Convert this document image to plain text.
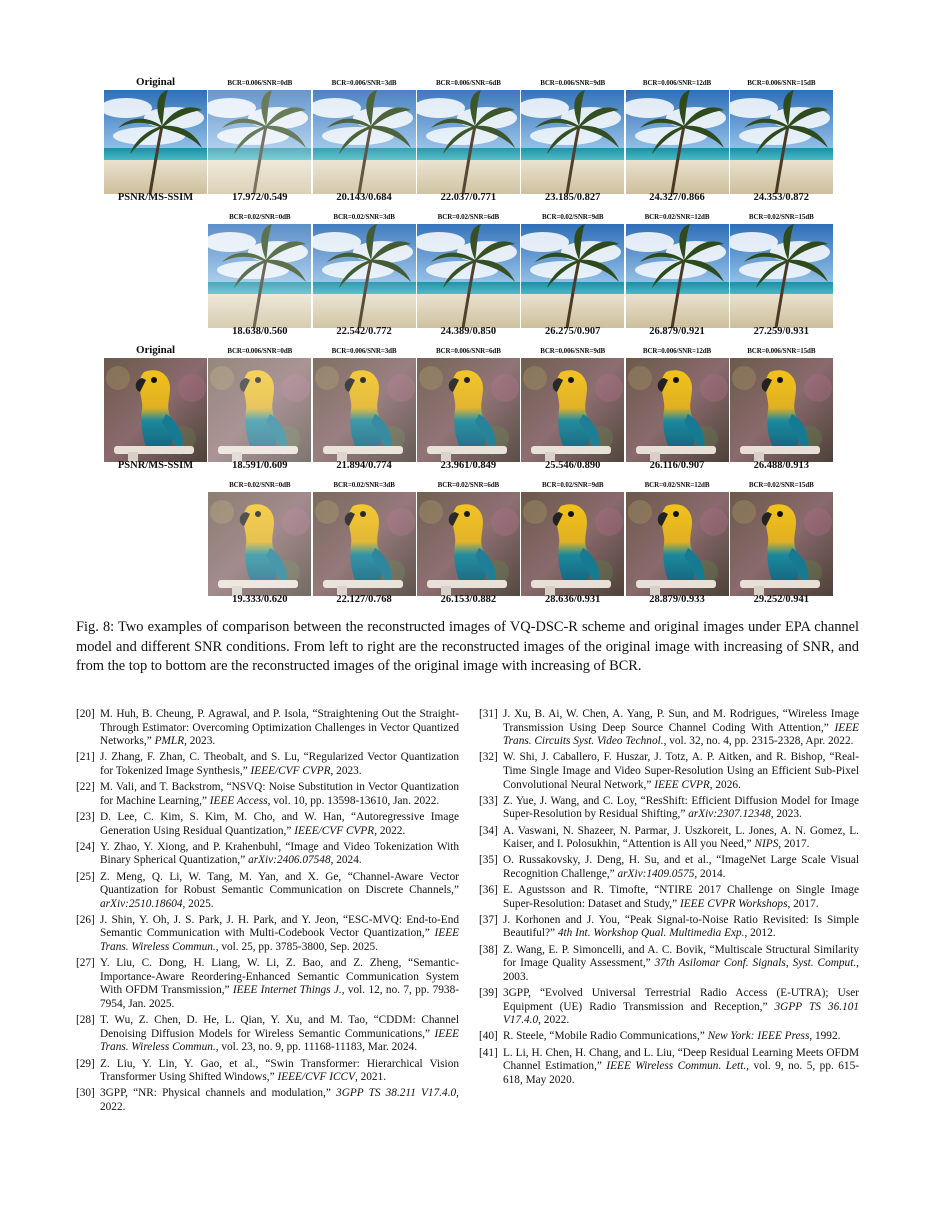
Original
PSNR/MS-SSIM
BCR=0.006/SNR=0dB
17.972/0.549
BCR=0.006/SNR=3dB
20.143/0.684
BCR=0.006/SNR=6dB
22.037/0.771
BCR=0.006/SNR=9dB
23.185/0.827
BCR=0.006/SNR=12dB
24.327/0.866
BCR=0.006/SNR=15dB
24.353/0.872
BCR=0.02/SNR=0dB
18.638/0.560
BCR=0.02/SNR=3dB
22.542/0.772
BCR=0.02/SNR=6dB
24.389/0.850
BCR=0.02/SNR=9dB
26.275/0.907
BCR=0.02/SNR=12dB
26.879/0.921
BCR=0.02/SNR=15dB
27.259/0.931
Original
PSNR/MS-SSIM
BCR=0.006/SNR=0dB
18.591/0.609
BCR=0.006/SNR=3dB
21.894/0.774
BCR=0.006/SNR=6dB
23.961/0.849
BCR=0.006/SNR=9dB
25.546/0.890
BCR=0.006/SNR=12dB
26.116/0.907
BCR=0.006/SNR=15dB
26.488/0.913
BCR=0.02/SNR=0dB
19.333/0.620
BCR=0.02/SNR=3dB
22.127/0.768
BCR=0.02/SNR=6dB
26.153/0.882
BCR=0.02/SNR=9dB
28.636/0.931
BCR=0.02/SNR=12dB
28.879/0.933
BCR=0.02/SNR=15dB
29.252/0.941
Fig. 8: Two examples of comparison between the reconstructed images of VQ-DSC-R scheme and original images under EPA channel model and different SNR conditions. From left to right are the reconstructed images of the original image with increasing of SNR, and from the top to bottom are the reconstructed images of the original image with increasing of BCR.
[20] M. Huh, B. Cheung, P. Agrawal, and P. Isola, “Straightening Out the Straight-Through Estimator: Overcoming Optimization Challenges in Vector Quantized Networks,” PMLR, 2023.
[21] J. Zhang, F. Zhan, C. Theobalt, and S. Lu, “Regularized Vector Quantization for Tokenized Image Synthesis,” IEEE/CVF CVPR, 2023.
[22] M. Vali, and T. Backstrom, “NSVQ: Noise Substitution in Vector Quantization for Machine Learning,” IEEE Access, vol. 10, pp. 13598-13610, Jan. 2022.
[23] D. Lee, C. Kim, S. Kim, M. Cho, and W. Han, “Autoregressive Image Generation Using Residual Quantization,” IEEE/CVF CVPR, 2022.
[24] Y. Zhao, Y. Xiong, and P. Krahenbuhl, “Image and Video Tokenization With Binary Spherical Quantization,” arXiv:2406.07548, 2024.
[25] Z. Meng, Q. Li, W. Tang, M. Yan, and X. Ge, “Channel-Aware Vector Quantization for Robust Semantic Communication on Discrete Channels,” arXiv:2510.18604, 2025.
[26] J. Shin, Y. Oh, J. S. Park, J. H. Park, and Y. Jeon, “ESC-MVQ: End-to-End Semantic Communication with Multi-Codebook Vector Quantization,” IEEE Trans. Wireless Commun., vol. 25, pp. 3785-3800, Sep. 2025.
[27] Y. Liu, C. Dong, H. Liang, W. Li, Z. Bao, and Z. Zheng, “Semantic-Importance-Aware Reordering-Enhanced Semantic Communication System With OFDM Transmission,” IEEE Internet Things J., vol. 12, no. 7, pp. 7938-7954, Jan. 2025.
[28] T. Wu, Z. Chen, D. He, L. Qian, Y. Xu, and M. Tao, “CDDM: Channel Denoising Diffusion Models for Wireless Semantic Communications,” IEEE Trans. Wireless Commun., vol. 23, no. 9, pp. 11168-11183, Mar. 2024.
[29] Z. Liu, Y. Lin, Y. Gao, et al., “Swin Transformer: Hierarchical Vision Transformer Using Shifted Windows,” IEEE/CVF ICCV, 2021.
[30] 3GPP, “NR: Physical channels and modulation,” 3GPP TS 38.211 V17.4.0, 2022.
[31] J. Xu, B. Ai, W. Chen, A. Yang, P. Sun, and M. Rodrigues, “Wireless Image Transmission Using Deep Source Channel Coding With Attention,” IEEE Trans. Circuits Syst. Video Technol., vol. 32, no. 4, pp. 2315-2328, Apr. 2022.
[32] W. Shi, J. Caballero, F. Huszar, J. Totz, A. P. Aitken, and R. Bishop, “Real-Time Single Image and Video Super-Resolution Using an Efficient Sub-Pixel Convolutional Neural Network,” IEEE CVPR, 2026.
[33] Z. Yue, J. Wang, and C. Loy, “ResShift: Efficient Diffusion Model for Image Super-Resolution by Residual Shifting,” arXiv:2307.12348, 2023.
[34] A. Vaswani, N. Shazeer, N. Parmar, J. Uszkoreit, L. Jones, A. N. Gomez, L. Kaiser, and I. Polosukhin, “Attention is All you Need,” NIPS, 2017.
[35] O. Russakovsky, J. Deng, H. Su, and et al., “ImageNet Large Scale Visual Recognition Challenge,” arXiv:1409.0575, 2014.
[36] E. Agustsson and R. Timofte, “NTIRE 2017 Challenge on Single Image Super-Resolution: Dataset and Study,” IEEE CVPR Workshops, 2017.
[37] J. Korhonen and J. You, “Peak Signal-to-Noise Ratio Revisited: Is Simple Beautiful?” 4th Int. Workshop Qual. Multimedia Exp., 2012.
[38] Z. Wang, E. P. Simoncelli, and A. C. Bovik, “Multiscale Structural Similarity for Image Quality Assessment,” 37th Asilomar Conf. Signals, Syst. Comput., 2003.
[39] 3GPP, “Evolved Universal Terrestrial Radio Access (E-UTRA); User Equipment (UE) Radio Transmission and Reception,” 3GPP TS 36.101 V17.4.0, 2022.
[40] R. Steele, “Mobile Radio Communications,” New York: IEEE Press, 1992.
[41] L. Li, H. Chen, H. Chang, and L. Liu, “Deep Residual Learning Meets OFDM Channel Estimation,” IEEE Wireless Commun. Lett., vol. 9, no. 5, pp. 615-618, May 2020.
